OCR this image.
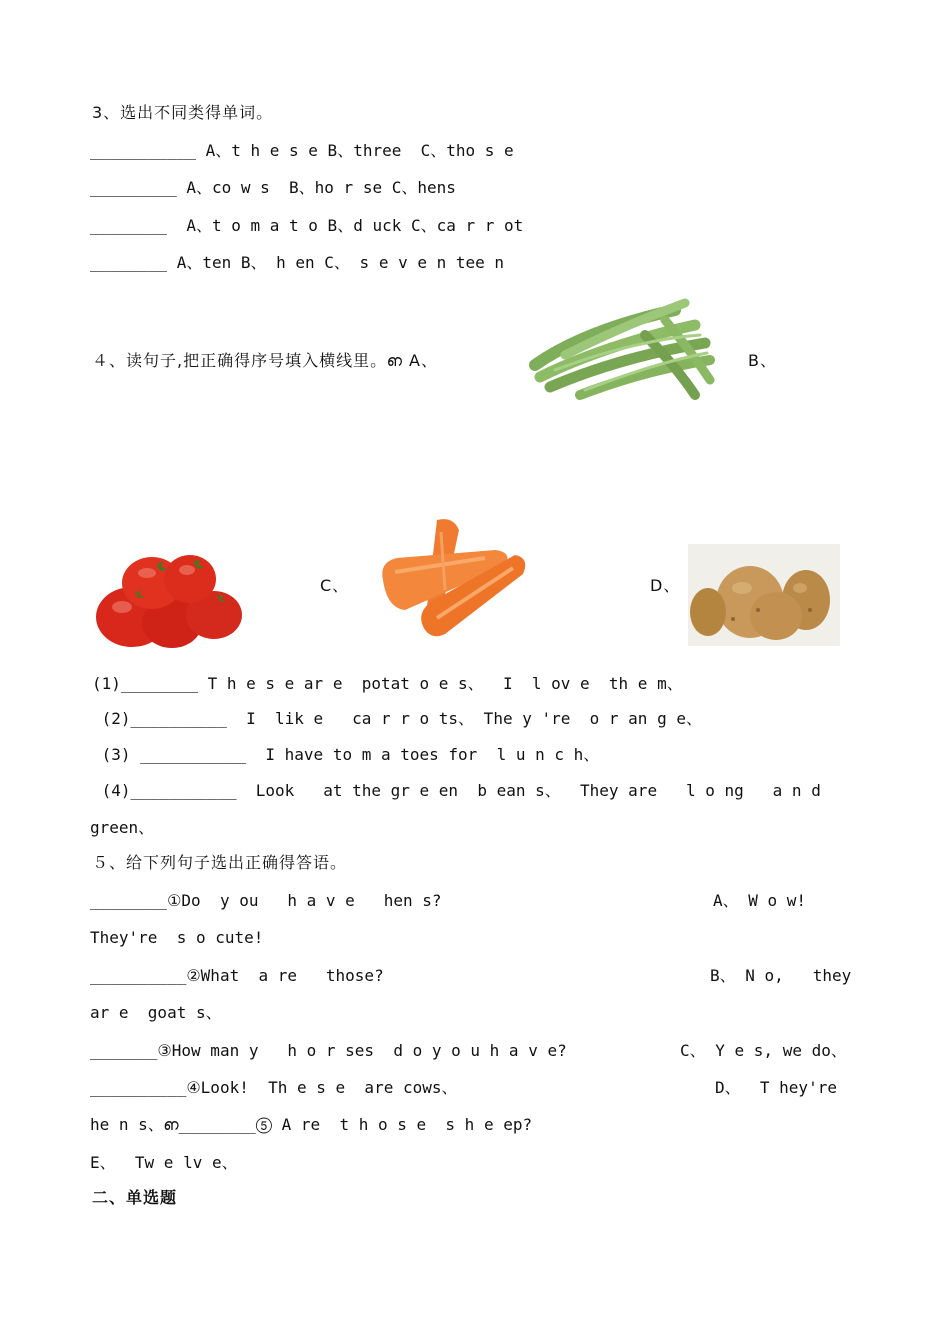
3、选出不同类得单词。
___________ A、t h e s e B、three  C、tho s e
_________ A、co w s  B、ho r se C、hens
________  A、t o m a t o B、d uck C、ca r r ot
________ A、ten B、 h en C、 s e v e n tee n
４、读句子,把正确得序号填入横线里。ഩ A、	B、
C、	D、
(1)________ T h e s e ar e  potat o e s、  I  l ov e  th e m、
(2)__________  I  lik e   ca r r o ts、 The y 're  o r an g e、
(3) ___________  I have to m a toes for  l u n c h、
(4)___________  Look   at the gr e en  b ean s、  They are   l o ng   a n d
green、
５、给下列句子选出正确得答语。
________①Do  y ou   h a v e   hen s?	A、 W o w!
They're  s o cute!
__________②What  a re   those?	B、 N o,   they
ar e  goat s、
_______③How man y   h o r ses  d o y o u h a v e?	C、 Y e s, we do、
__________④Look!  Th e s e  are cows、	D、  T hey're
he n s、ഩ________⑤ A re  t h o s e  s h e ep?
E、  Tw e lv e、
二、单选题
